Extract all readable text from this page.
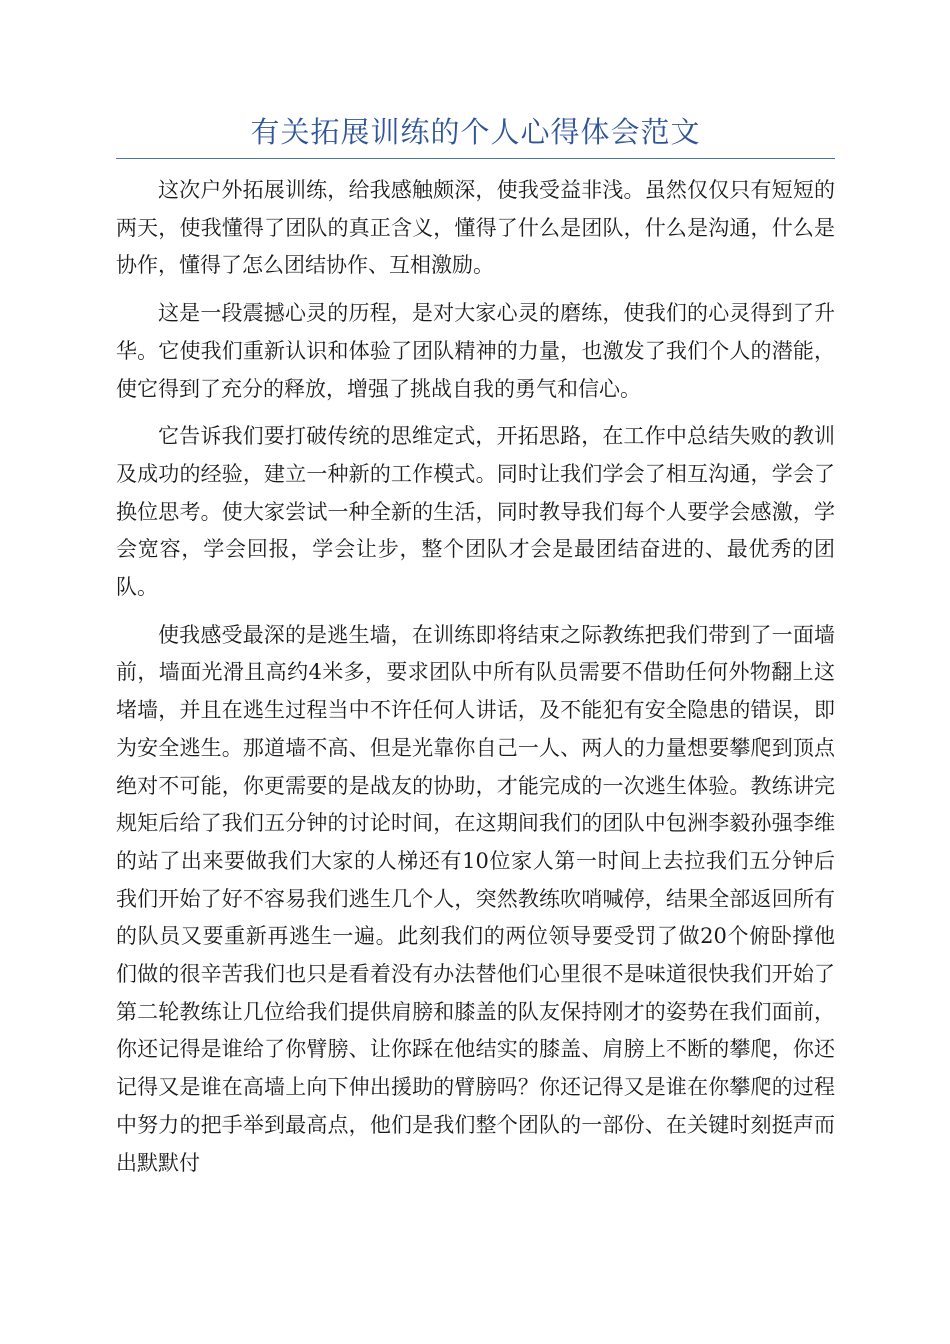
有关拓展训练的个人心得体会范文

这次户外拓展训练，给我感触颇深，使我受益非浅。虽然仅仅只有短短的两天，使我懂得了团队的真正含义，懂得了什么是团队，什么是沟通，什么是协作，懂得了怎么团结协作、互相激励。

这是一段震撼心灵的历程，是对大家心灵的磨练，使我们的心灵得到了升华。它使我们重新认识和体验了团队精神的力量，也激发了我们个人的潜能，使它得到了充分的释放，增强了挑战自我的勇气和信心。

它告诉我们要打破传统的思维定式，开拓思路，在工作中总结失败的教训及成功的经验，建立一种新的工作模式。同时让我们学会了相互沟通，学会了换位思考。使大家尝试一种全新的生活，同时教导我们每个人要学会感激，学会宽容，学会回报，学会让步，整个团队才会是最团结奋进的、最优秀的团队。

使我感受最深的是逃生墙，在训练即将结束之际教练把我们带到了一面墙前，墙面光滑且高约4米多，要求团队中所有队员需要不借助任何外物翻上这堵墙，并且在逃生过程当中不许任何人讲话，及不能犯有安全隐患的错误，即为安全逃生。那道墙不高、但是光靠你自己一人、两人的力量想要攀爬到顶点绝对不可能，你更需要的是战友的协助，才能完成的一次逃生体验。教练讲完规矩后给了我们五分钟的讨论时间，在这期间我们的团队中包洲李毅孙强李维的站了出来要做我们大家的人梯还有10位家人第一时间上去拉我们五分钟后我们开始了好不容易我们逃生几个人，突然教练吹哨喊停，结果全部返回所有的队员又要重新再逃生一遍。此刻我们的两位领导要受罚了做20个俯卧撑他们做的很辛苦我们也只是看着没有办法替他们心里很不是味道很快我们开始了第二轮教练让几位给我们提供肩膀和膝盖的队友保持刚才的姿势在我们面前，你还记得是谁给了你臂膀、让你踩在他结实的膝盖、肩膀上不断的攀爬，你还记得又是谁在高墙上向下伸出援助的臂膀吗？你还记得又是谁在你攀爬的过程中努力的把手举到最高点，他们是我们整个团队的一部份、在关键时刻挺声而出默默付
